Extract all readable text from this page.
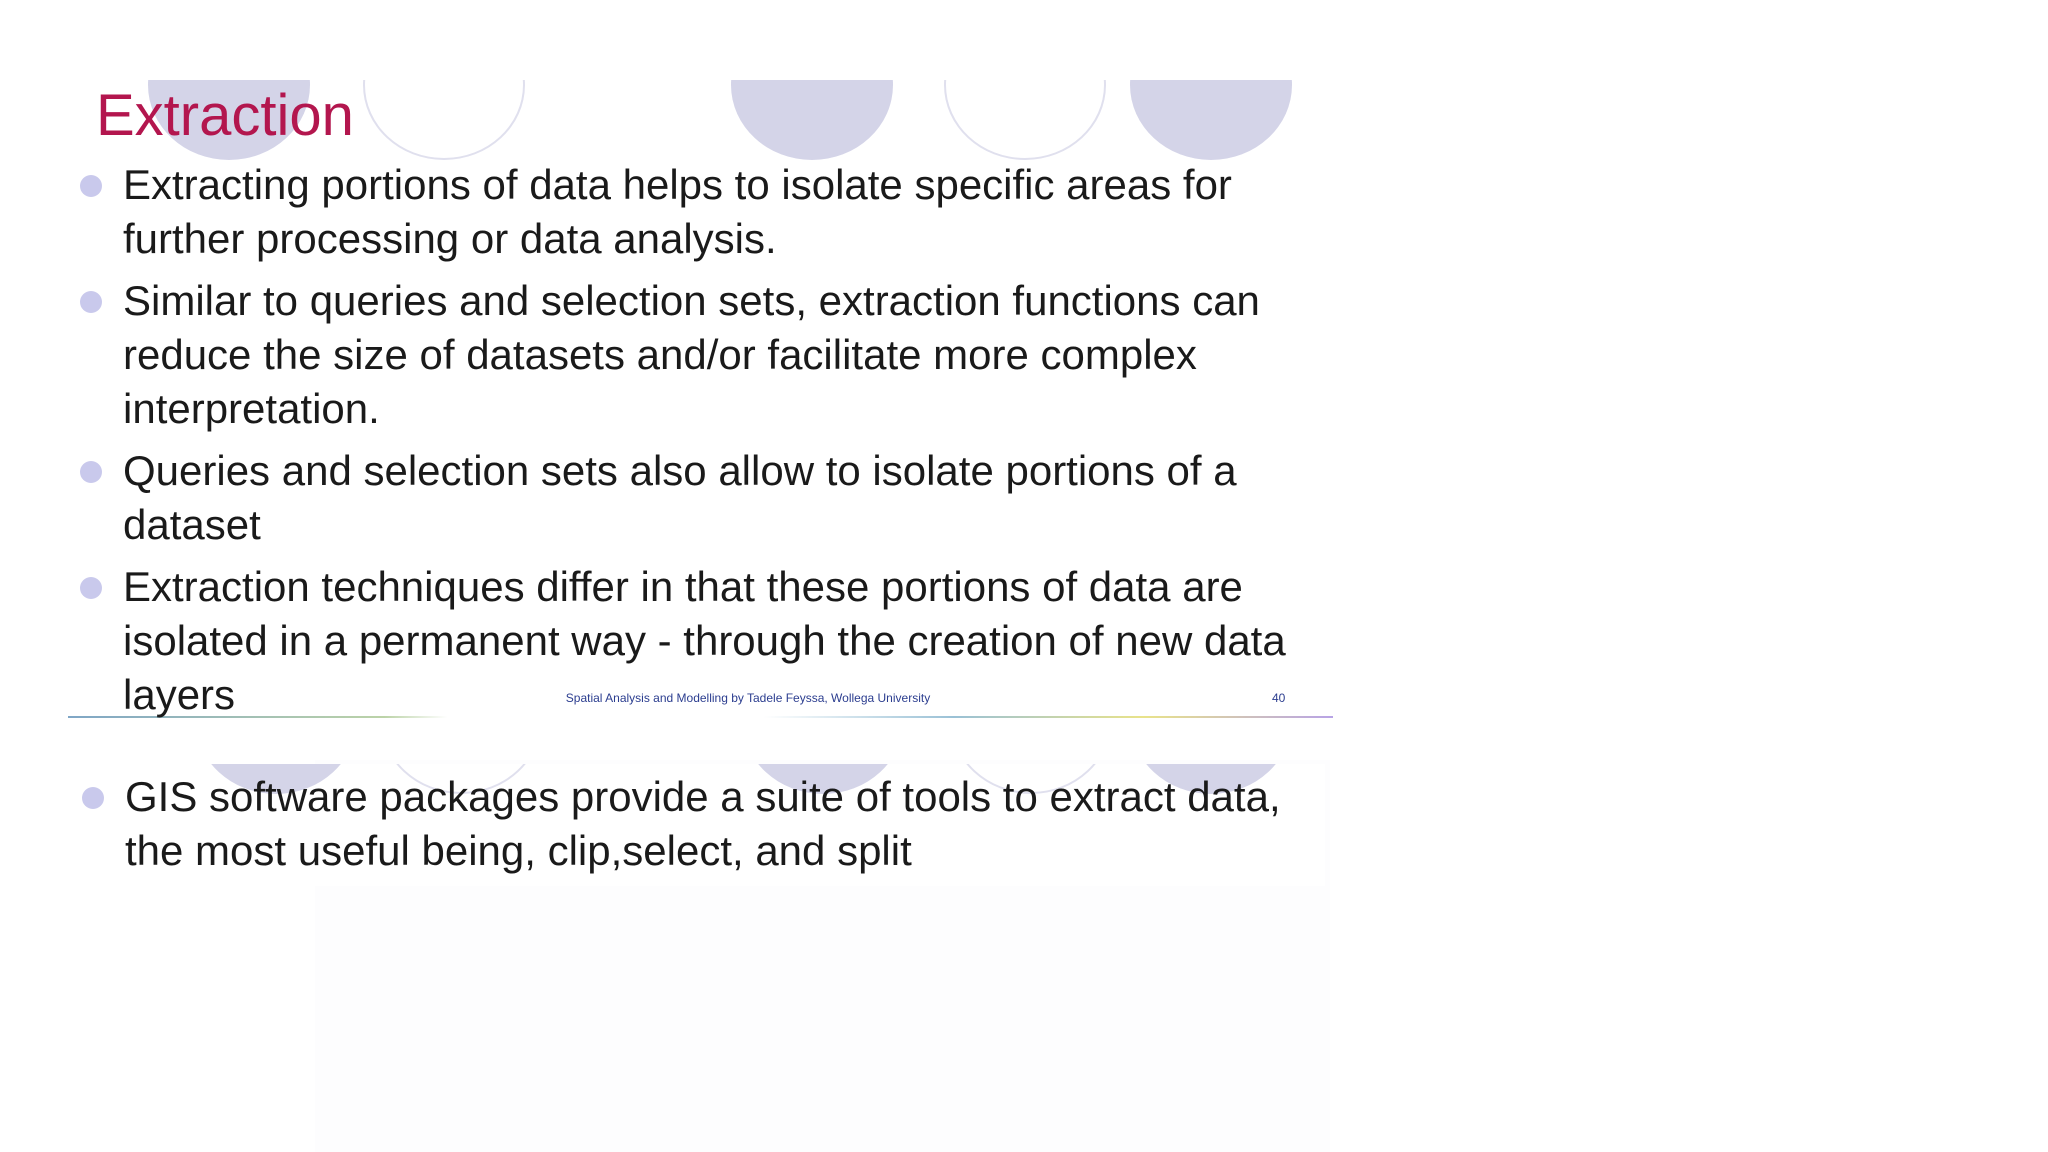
Extraction
Extracting portions of data helps to isolate specific areas for further processing or data analysis.
Similar to queries and selection sets, extraction functions can reduce the size of datasets and/or facilitate more complex interpretation.
Queries and selection sets also allow to isolate portions of a dataset
Extraction techniques differ in that these portions of data are isolated in a permanent way - through the creation of new data layers	Spatial Analysis and Modelling by Tadele Feyssa, Wollega University	40
GIS software packages provide a suite of tools to extract data, the most useful being, clip,select, and split
